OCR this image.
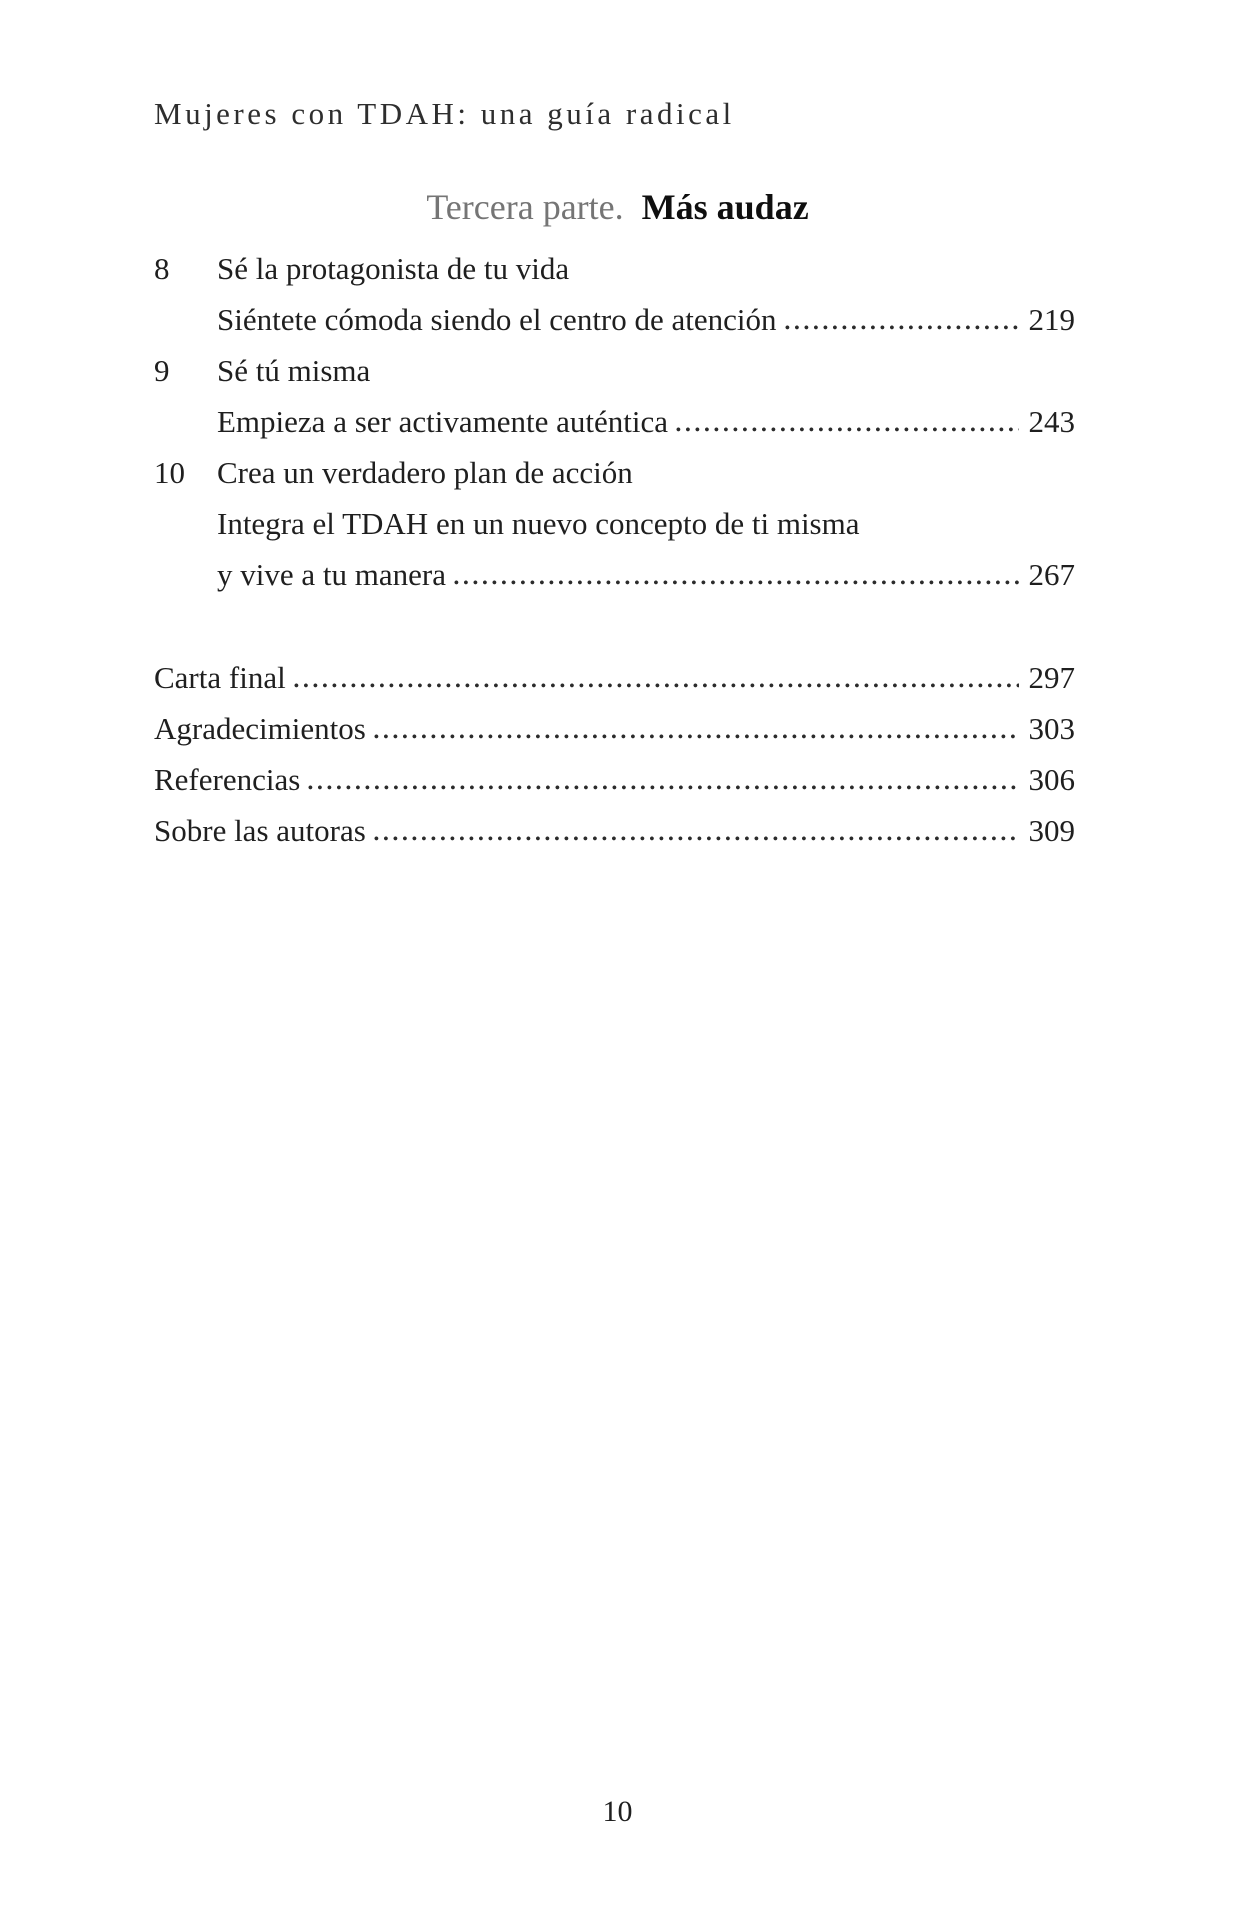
Mujeres con TDAH: una guía radical
Tercera parte. Más audaz
8	Sé la protagonista de tu vida
Siéntete cómoda siendo el centro de atención	219
9	Sé tú misma
Empieza a ser activamente auténtica	243
10	Crea un verdadero plan de acción
Integra el TDAH en un nuevo concepto de ti misma
y vive a tu manera	267
Carta final	297
Agradecimientos	303
Referencias	306
Sobre las autoras	309
10
